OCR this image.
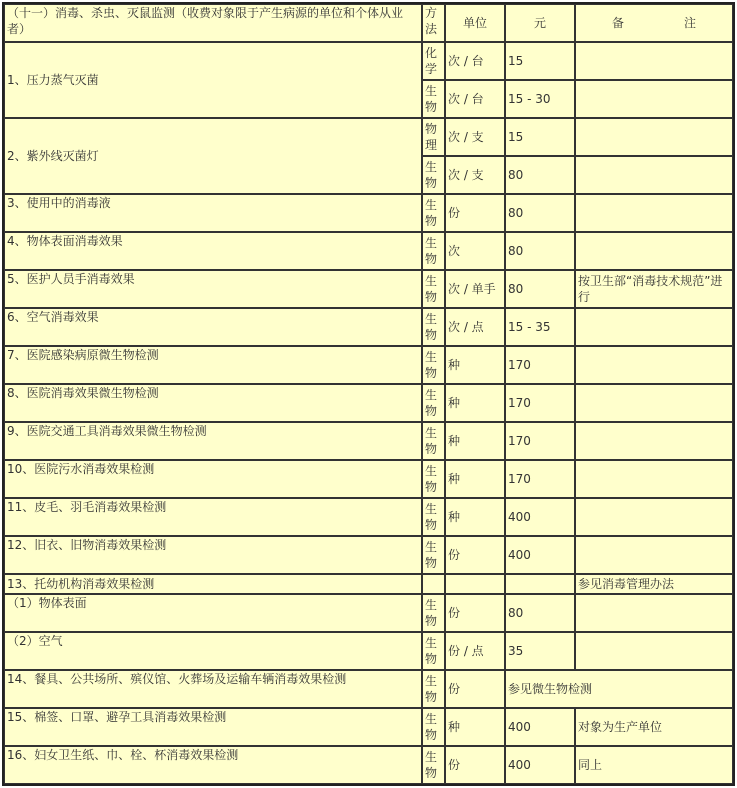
（十一）消毒、杀虫、灭鼠监测（收费对象限于产生病源的单位和个体从业者）	方法	单位	元	备　　　　　注
1、压力蒸气灭菌	化学	次 / 台	15	
	生物	次 / 台	15 - 30	
2、紫外线灭菌灯	物理	次 / 支	15	
	生物	次 / 支	80	
3、使用中的消毒液	生物	份	80	
4、物体表面消毒效果	生物	次	80	
5、医护人员手消毒效果	生物	次 / 单手	80	按卫生部“消毒技术规范”进行
6、空气消毒效果	生物	次 / 点	15 - 35	
7、医院感染病原微生物检测	生物	种	170	
8、医院消毒效果微生物检测	生物	种	170	
9、医院交通工具消毒效果微生物检测	生物	种	170	
10、医院污水消毒效果检测	生物	种	170	
11、皮毛、羽毛消毒效果检测	生物	种	400	
12、旧衣、旧物消毒效果检测	生物	份	400	
13、托幼机构消毒效果检测				参见消毒管理办法
（1）物体表面	生物	份	80	
（2）空气	生物	份 / 点	35	
14、餐具、公共场所、殡仪馆、火葬场及运输车辆消毒效果检测	生物	份	参见微生物检测	
15、棉签、口罩、避孕工具消毒效果检测	生物	种	400	对象为生产单位
16、妇女卫生纸、巾、栓、杯消毒效果检测	生物	份	400	同上
